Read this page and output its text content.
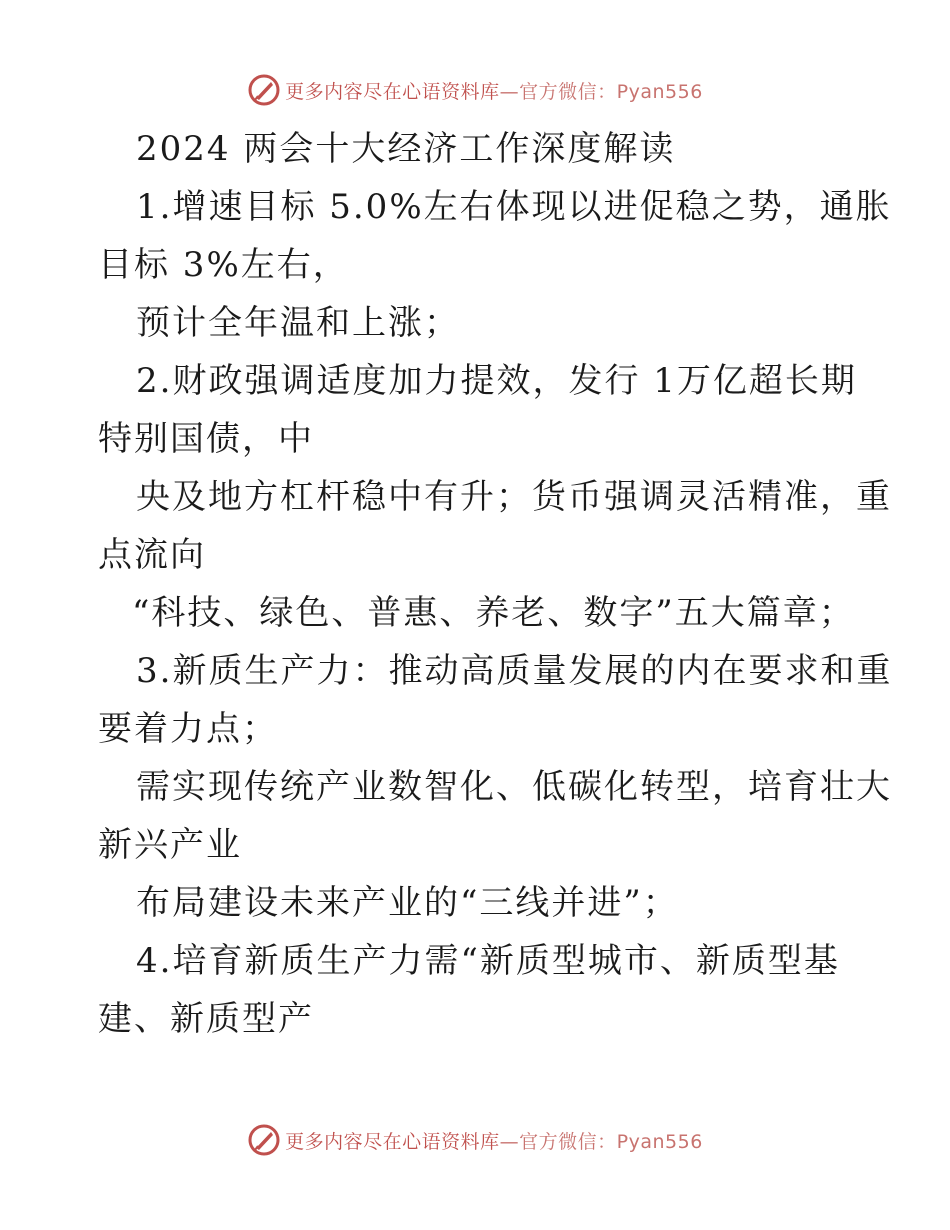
更多内容尽在心语资料库—官方微信：Pyan556
2024 两会十大经济工作深度解读
1.增速目标 5.0%左右体现以进促稳之势，通胀
目标 3%左右，
预计全年温和上涨；
2.财政强调适度加力提效，发行 1万亿超长期
特别国债，中
央及地方杠杆稳中有升；货币强调灵活精准，重
点流向
“科技、绿色、普惠、养老、数字”五大篇章；
3.新质生产力：推动高质量发展的内在要求和重
要着力点；
需实现传统产业数智化、低碳化转型，培育壮大
新兴产业
布局建设未来产业的“三线并进”；
4.培育新质生产力需“新质型城市、新质型基
建、新质型产
更多内容尽在心语资料库—官方微信：Pyan556
